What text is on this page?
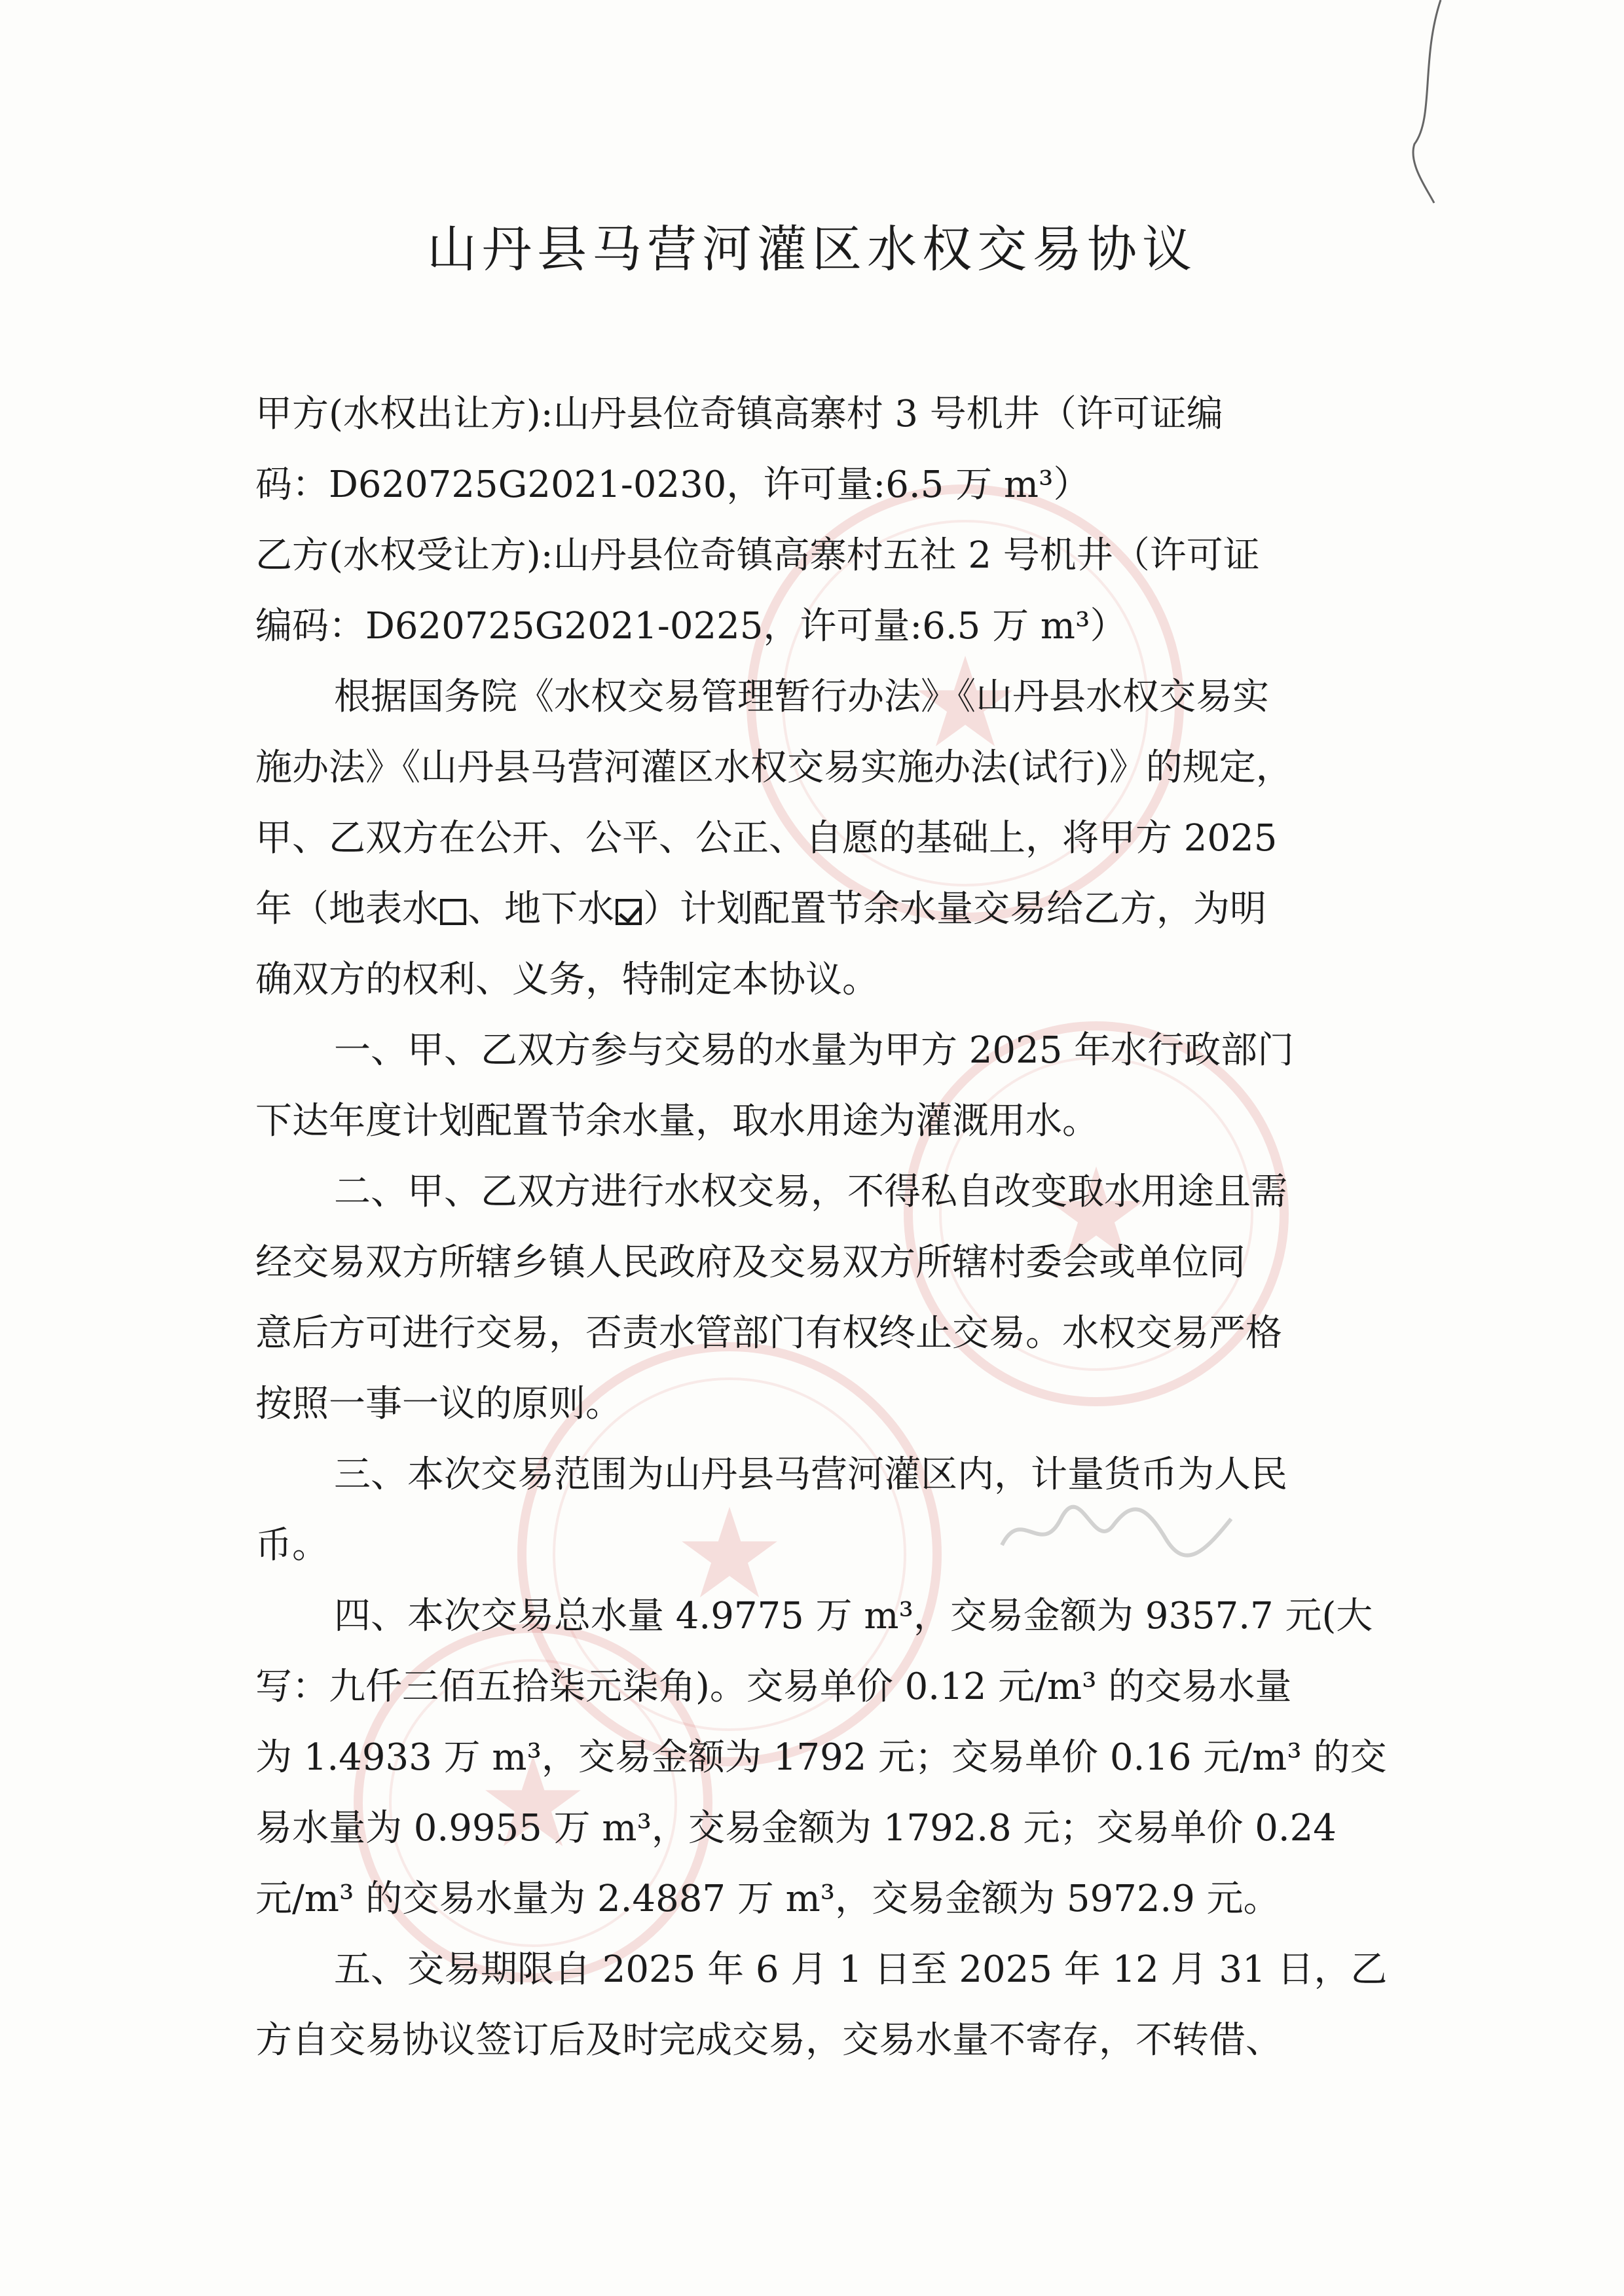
★
★
★
★
山丹县马营河灌区水权交易协议
甲方(水权出让方):山丹县位奇镇高寨村 3 号机井（许可证编
码：D620725G2021-0230，许可量:6.5 万 m³）
乙方(水权受让方):山丹县位奇镇高寨村五社 2 号机井（许可证
编码：D620725G2021-0225，许可量:6.5 万 m³）
根据国务院《水权交易管理暂行办法》《山丹县水权交易实
施办法》《山丹县马营河灌区水权交易实施办法(试行)》的规定，
甲、乙双方在公开、公平、公正、自愿的基础上，将甲方 2025
年（地表水 、地下水 ）计划配置节余水量交易给乙方，为明
确双方的权利、义务，特制定本协议。
一、甲、乙双方参与交易的水量为甲方 2025 年水行政部门
下达年度计划配置节余水量，取水用途为灌溉用水。
二、甲、乙双方进行水权交易，不得私自改变取水用途且需
经交易双方所辖乡镇人民政府及交易双方所辖村委会或单位同
意后方可进行交易，否责水管部门有权终止交易。水权交易严格
按照一事一议的原则。
三、本次交易范围为山丹县马营河灌区内，计量货币为人民
币。
四、本次交易总水量 4.9775 万 m³，交易金额为 9357.7 元(大
写：九仟三佰五拾柒元柒角)。交易单价 0.12 元/m³ 的交易水量
为 1.4933 万 m³，交易金额为 1792 元；交易单价 0.16 元/m³ 的交
易水量为 0.9955 万 m³，交易金额为 1792.8 元；交易单价 0.24
元/m³ 的交易水量为 2.4887 万 m³，交易金额为 5972.9 元。
五、交易期限自 2025 年 6 月 1 日至 2025 年 12 月 31 日，乙
方自交易协议签订后及时完成交易，交易水量不寄存，不转借、
